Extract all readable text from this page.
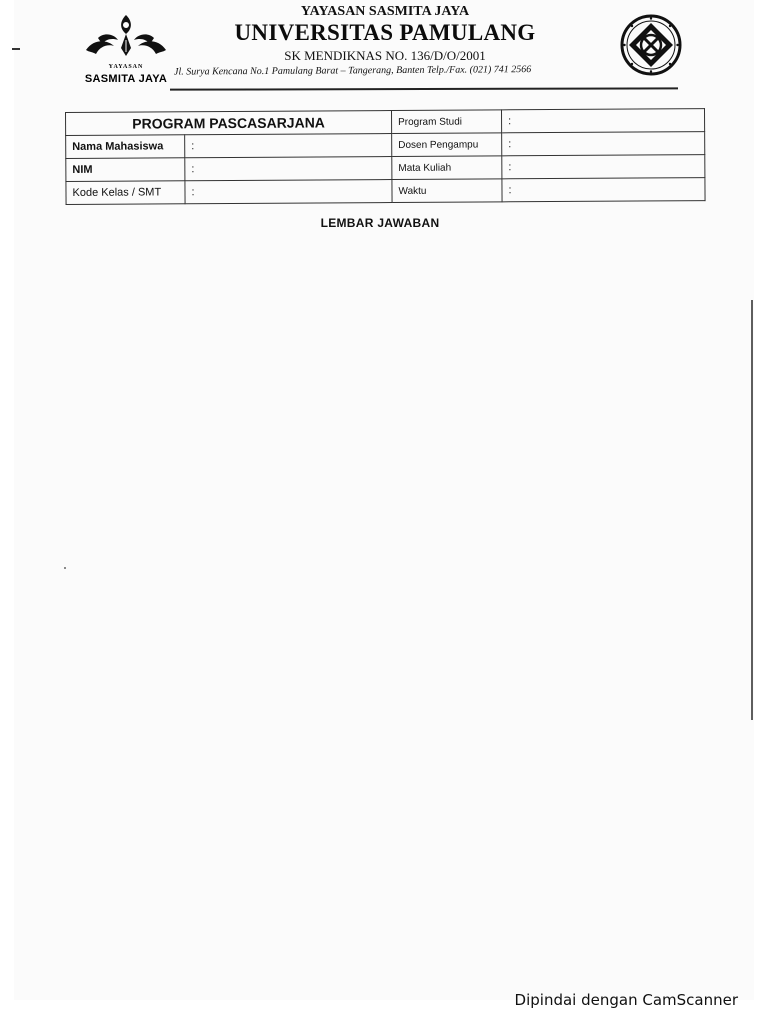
YAYASAN
SASMITA JAYA
YAYASAN SASMITA JAYA
UNIVERSITAS PAMULANG
SK MENDIKNAS NO. 136/D/O/2001
Jl. Surya Kencana No.1 Pamulang Barat – Tangerang, Banten Telp./Fax. (021) 741 2566
PROGRAM PASCASARJANA		Program Studi	:
Nama Mahasiswa	:	Dosen Pengampu	:
NIM	:	Mata Kuliah	:
Kode Kelas / SMT	:	Waktu	:
LEMBAR JAWABAN
Dipindai dengan CamScanner
